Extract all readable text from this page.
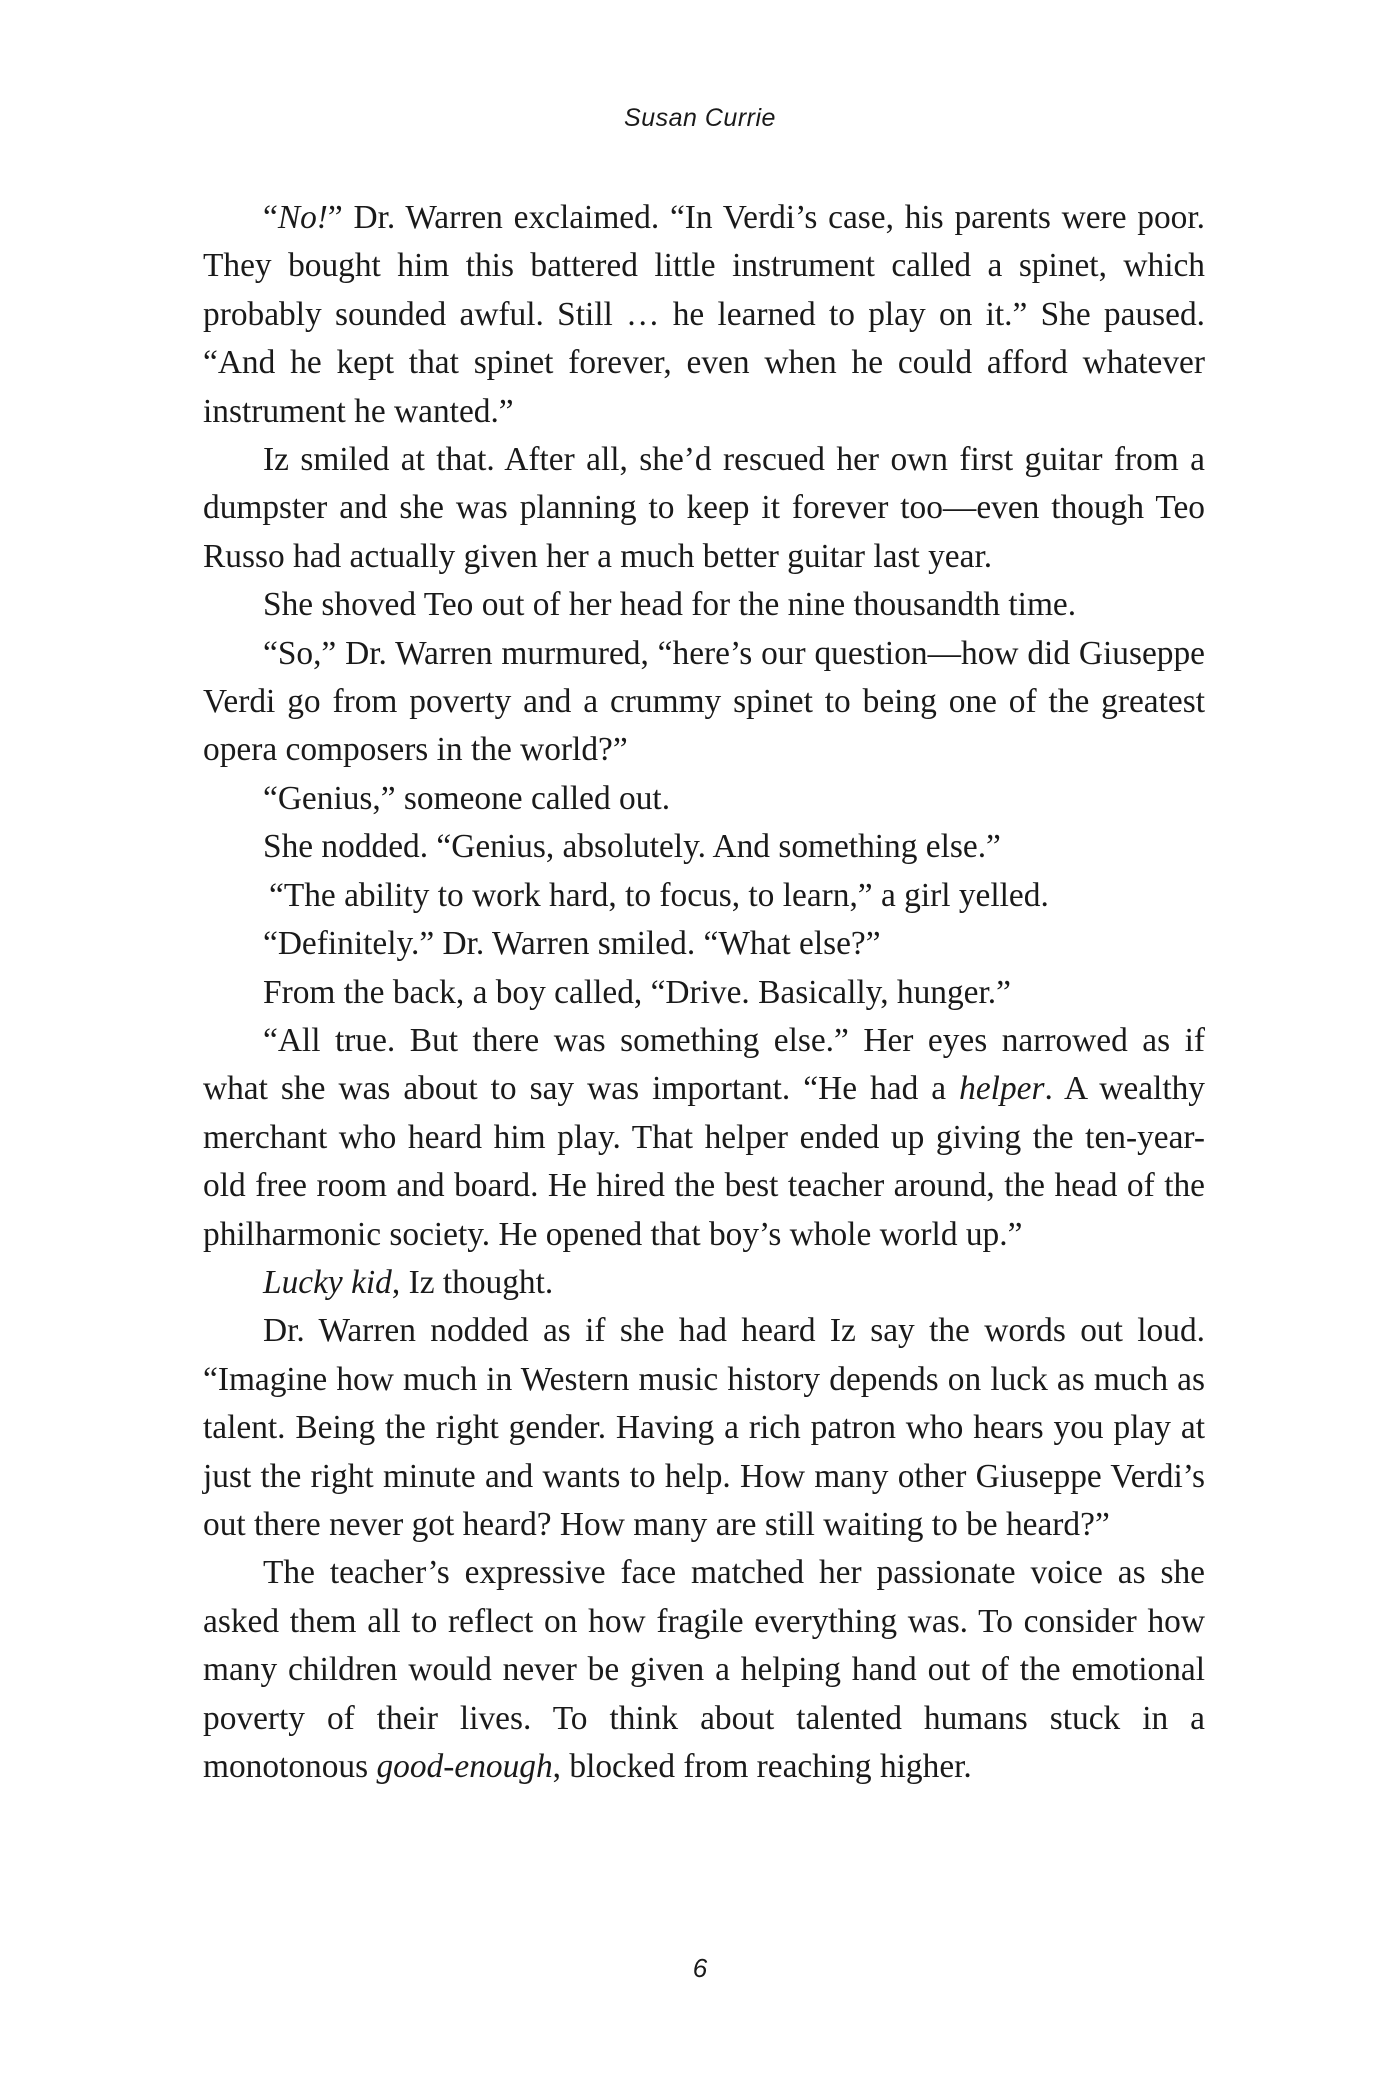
Susan Currie

“No!” Dr. Warren exclaimed. “In Verdi’s case, his parents were poor. They bought him this battered little instrument called a spinet, which probably sounded awful. Still … he learned to play on it.” She paused. “And he kept that spinet forever, even when he could afford whatever instrument he wanted.”

Iz smiled at that. After all, she’d rescued her own first guitar from a dumpster and she was planning to keep it forever too—even though Teo Russo had actually given her a much better guitar last year.

She shoved Teo out of her head for the nine thousandth time.

“So,” Dr. Warren murmured, “here’s our question—how did Giuseppe Verdi go from poverty and a crummy spinet to being one of the greatest opera composers in the world?”

“Genius,” someone called out.

She nodded. “Genius, absolutely. And something else.”

“The ability to work hard, to focus, to learn,” a girl yelled.

“Definitely.” Dr. Warren smiled. “What else?”

From the back, a boy called, “Drive. Basically, hunger.”

“All true. But there was something else.” Her eyes narrowed as if what she was about to say was important. “He had a helper. A wealthy merchant who heard him play. That helper ended up giving the ten-year-old free room and board. He hired the best teacher around, the head of the philharmonic society. He opened that boy’s whole world up.”

Lucky kid, Iz thought.

Dr. Warren nodded as if she had heard Iz say the words out loud. “Imagine how much in Western music history depends on luck as much as talent. Being the right gender. Having a rich patron who hears you play at just the right minute and wants to help. How many other Giuseppe Verdi’s out there never got heard? How many are still waiting to be heard?”

The teacher’s expressive face matched her passionate voice as she asked them all to reflect on how fragile everything was. To consider how many children would never be given a helping hand out of the emotional poverty of their lives. To think about talented humans stuck in a monotonous good-enough, blocked from reaching higher.

6
